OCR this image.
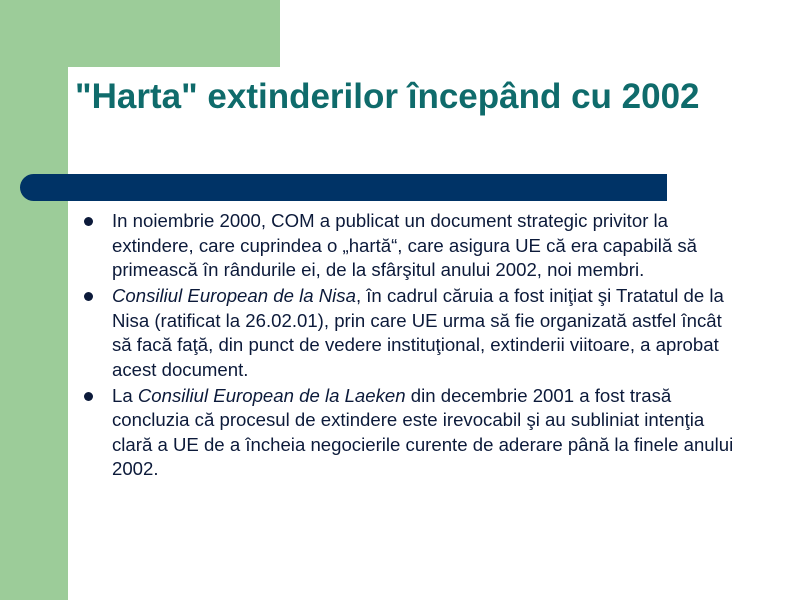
"Harta" extinderilor începând cu 2002
In noiembrie 2000, COM a publicat un document strategic privitor la extindere, care cuprindea o „hartă“, care asigura UE că era capabilă să primească în rândurile ei, de la sfârşitul anului 2002, noi membri.
Consiliul European de la Nisa, în cadrul căruia a fost iniţiat şi Tratatul de la Nisa (ratificat la 26.02.01), prin care UE urma să fie organizată astfel încât să facă faţă, din punct de vedere instituţional, extinderii viitoare, a aprobat acest document.
La Consiliul European de la Laeken din decembrie 2001 a fost trasă concluzia că procesul de extindere este irevocabil şi au subliniat intenţia clară a UE de a încheia negocierile curente de aderare până la finele anului 2002.
